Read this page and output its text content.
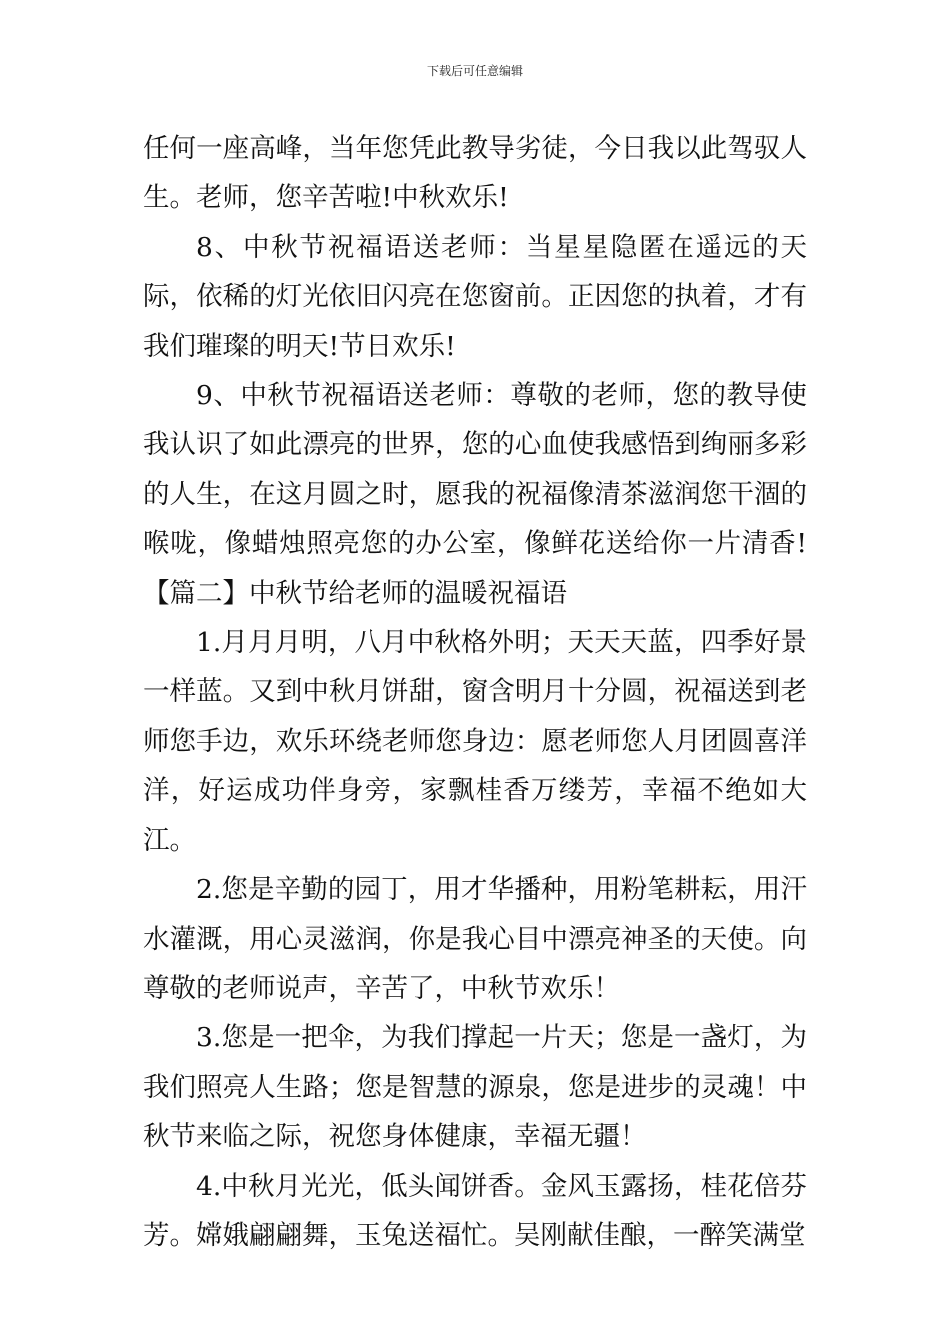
下载后可任意编辑

任何一座高峰，当年您凭此教导劣徒，今日我以此驾驭人生。老师，您辛苦啦!中秋欢乐!

8、中秋节祝福语送老师：当星星隐匿在遥远的天际，依稀的灯光依旧闪亮在您窗前。正因您的执着，才有我们璀璨的明天!节日欢乐!

9、中秋节祝福语送老师：尊敬的老师，您的教导使我认识了如此漂亮的世界，您的心血使我感悟到绚丽多彩的人生，在这月圆之时，愿我的祝福像清茶滋润您干涸的喉咙，像蜡烛照亮您的办公室，像鲜花送给你一片清香!【篇二】中秋节给老师的温暖祝福语

1.月月月明，八月中秋格外明；天天天蓝，四季好景一样蓝。又到中秋月饼甜，窗含明月十分圆，祝福送到老师您手边，欢乐环绕老师您身边：愿老师您人月团圆喜洋洋，好运成功伴身旁，家飘桂香万缕芳，幸福不绝如大江。

2.您是辛勤的园丁，用才华播种，用粉笔耕耘，用汗水灌溉，用心灵滋润，你是我心目中漂亮神圣的天使。向尊敬的老师说声，辛苦了，中秋节欢乐！

3.您是一把伞，为我们撑起一片天；您是一盏灯，为我们照亮人生路；您是智慧的源泉，您是进步的灵魂！中秋节来临之际，祝您身体健康，幸福无疆！

4.中秋月光光，低头闻饼香。金风玉露扬，桂花倍芬芳。嫦娥翩翩舞，玉兔送福忙。吴刚献佳酿，一醉笑满堂
